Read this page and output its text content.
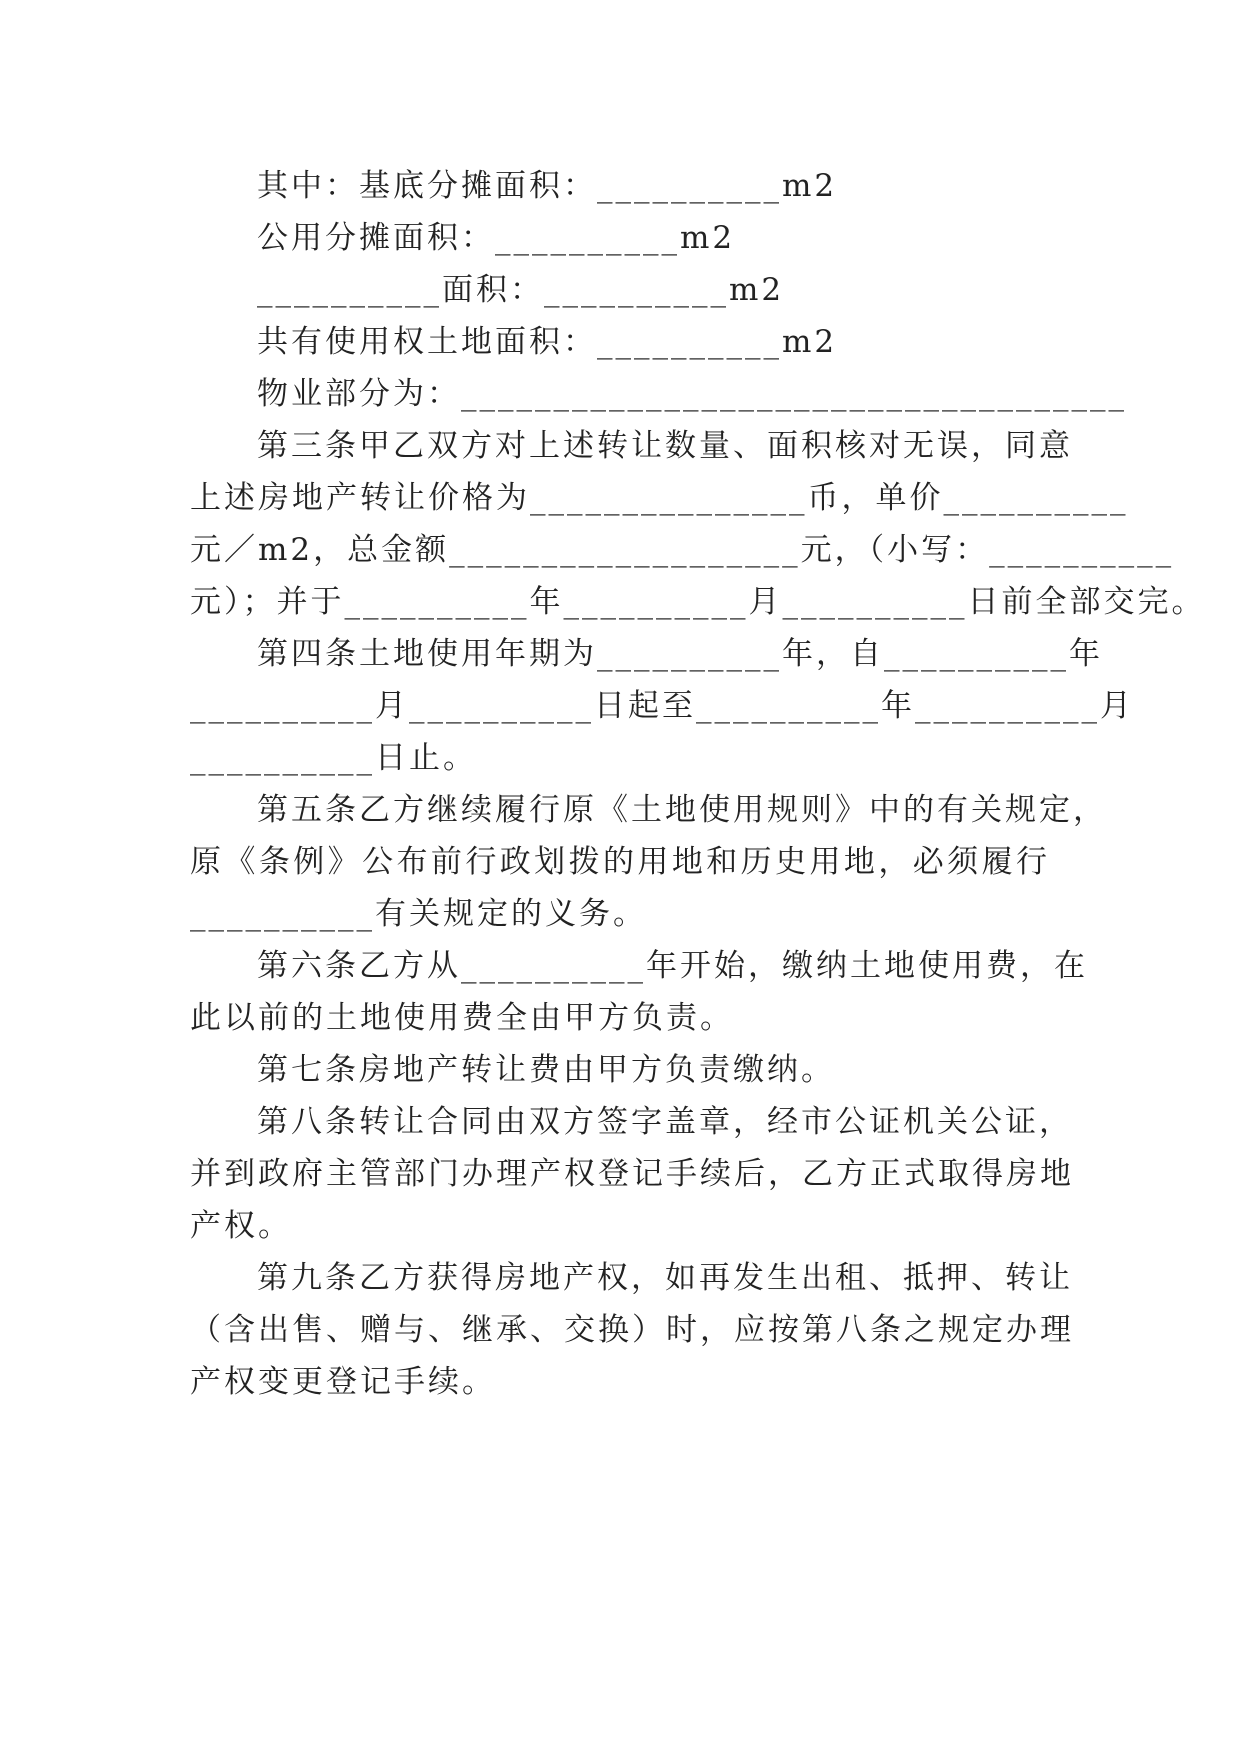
其中：基底分摊面积：__________m2
公用分摊面积：__________m2
__________面积：__________m2
共有使用权土地面积：__________m2
物业部分为：____________________________________
第三条甲乙双方对上述转让数量、面积核对无误，同意
上述房地产转让价格为_______________币，单价__________
元／m2，总金额___________________元，（小写：__________
元）；并于__________年__________月__________日前全部交完。
第四条土地使用年期为__________年，自__________年
__________月__________日起至__________年__________月
__________日止。
第五条乙方继续履行原《土地使用规则》中的有关规定，
原《条例》公布前行政划拨的用地和历史用地，必须履行
__________有关规定的义务。
第六条乙方从__________年开始，缴纳土地使用费，在
此以前的土地使用费全由甲方负责。
第七条房地产转让费由甲方负责缴纳。
第八条转让合同由双方签字盖章，经市公证机关公证，
并到政府主管部门办理产权登记手续后，乙方正式取得房地
产权。
第九条乙方获得房地产权，如再发生出租、抵押、转让
（含出售、赠与、继承、交换）时，应按第八条之规定办理
产权变更登记手续。
